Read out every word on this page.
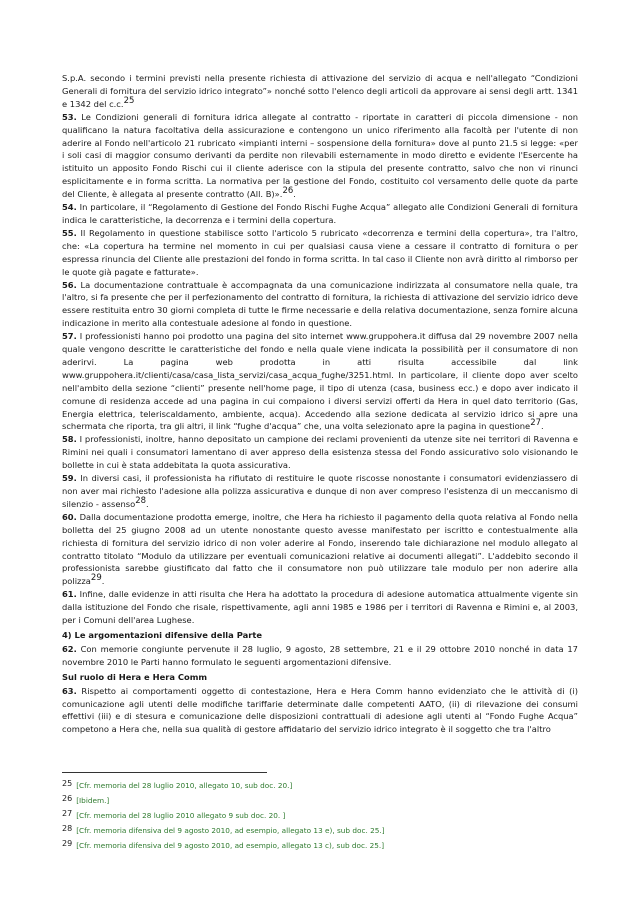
S.p.A. secondo i termini previsti nella presente richiesta di attivazione del servizio di acqua e nell'allegato “Condizioni Generali di fornitura del servizio idrico integrato”» nonché sotto l'elenco degli articoli da approvare ai sensi degli artt. 1341 e 1342 del c.c.$^{25}$

53. Le Condizioni generali di fornitura idrica allegate al contratto - riportate in caratteri di piccola dimensione - non qualificano la natura facoltativa della assicurazione e contengono un unico riferimento alla facoltà per l'utente di non aderire al Fondo nell'articolo 21 rubricato «impianti interni – sospensione della fornitura» dove al punto 21.5 si legge: «per i soli casi di maggior consumo derivanti da perdite non rilevabili esternamente in modo diretto e evidente l'Esercente ha istituito un apposito Fondo Rischi cui il cliente aderisce con la stipula del presente contratto, salvo che non vi rinunci esplicitamente e in forma scritta. La normativa per la gestione del Fondo, costituito col versamento delle quote da parte del Cliente, è allegata al presente contratto (All. B)».$^{26}$.

54. In particolare, il “Regolamento di Gestione del Fondo Rischi Fughe Acqua” allegato alle Condizioni Generali di fornitura indica le caratteristiche, la decorrenza e i termini della copertura.

55. Il Regolamento in questione stabilisce sotto l'articolo 5 rubricato «decorrenza e termini della copertura», tra l'altro, che: «La copertura ha termine nel momento in cui per qualsiasi causa viene a cessare il contratto di fornitura o per espressa rinuncia del Cliente alle prestazioni del fondo in forma scritta. In tal caso il Cliente non avrà diritto al rimborso per le quote già pagate e fatturate».

56. La documentazione contrattuale è accompagnata da una comunicazione indirizzata al consumatore nella quale, tra l'altro, si fa presente che per il perfezionamento del contratto di fornitura, la richiesta di attivazione del servizio idrico deve essere restituita entro 30 giorni completa di tutte le firme necessarie e della relativa documentazione, senza fornire alcuna indicazione in merito alla contestuale adesione al fondo in questione.

57. I professionisti hanno poi prodotto una pagina del sito internet www.gruppohera.it diffusa dal 29 novembre 2007 nella quale vengono descritte le caratteristiche del fondo e nella quale viene indicata la possibilità per il consumatore di non aderirvi. La pagina web prodotta in atti risulta accessibile dal link www.gruppohera.it/clienti/casa/casa_lista_servizi/casa_acqua_fughe/3251.html. In particolare, il cliente dopo aver scelto nell'ambito della sezione “clienti” presente nell'home page, il tipo di utenza (casa, business ecc.) e dopo aver indicato il comune di residenza accede ad una pagina in cui compaiono i diversi servizi offerti da Hera in quel dato territorio (Gas, Energia elettrica, teleriscaldamento, ambiente, acqua). Accedendo alla sezione dedicata al servizio idrico si apre una schermata che riporta, tra gli altri, il link “fughe d'acqua” che, una volta selezionato apre la pagina in questione$^{27}$.

58. I professionisti, inoltre, hanno depositato un campione dei reclami provenienti da utenze site nei territori di Ravenna e Rimini nei quali i consumatori lamentano di aver appreso della esistenza stessa del Fondo assicurativo solo visionando le bollette in cui è stata addebitata la quota assicurativa.

59. In diversi casi, il professionista ha rifiutato di restituire le quote riscosse nonostante i consumatori evidenziassero di non aver mai richiesto l'adesione alla polizza assicurativa e dunque di non aver compreso l'esistenza di un meccanismo di silenzio - assenso$^{28}$.

60. Dalla documentazione prodotta emerge, inoltre, che Hera ha richiesto il pagamento della quota relativa al Fondo nella bolletta del 25 giugno 2008 ad un utente nonostante questo avesse manifestato per iscritto e contestualmente alla richiesta di fornitura del servizio idrico di non voler aderire al Fondo, inserendo tale dichiarazione nel modulo allegato al contratto titolato “Modulo da utilizzare per eventuali comunicazioni relative ai documenti allegati”. L'addebito secondo il professionista sarebbe giustificato dal fatto che il consumatore non può utilizzare tale modulo per non aderire alla polizza$^{29}$.

61. Infine, dalle evidenze in atti risulta che Hera ha adottato la procedura di adesione automatica attualmente vigente sin dalla istituzione del Fondo che risale, rispettivamente, agli anni 1985 e 1986 per i territori di Ravenna e Rimini e, al 2003, per i Comuni dell'area Lughese.

4) Le argomentazioni difensive della Parte

62. Con memorie congiunte pervenute il 28 luglio, 9 agosto, 28 settembre, 21 e il 29 ottobre 2010 nonché in data 17 novembre 2010 le Parti hanno formulato le seguenti argomentazioni difensive.

Sul ruolo di Hera e Hera Comm

63. Rispetto ai comportamenti oggetto di contestazione, Hera e Hera Comm hanno evidenziato che le attività di (i) comunicazione agli utenti delle modifiche tariffarie determinate dalle competenti AATO, (ii) di rilevazione dei consumi effettivi (iii) e di stesura e comunicazione delle disposizioni contrattuali di adesione agli utenti al “Fondo Fughe Acqua” competono a Hera che, nella sua qualità di gestore affidatario del servizio idrico integrato è il soggetto che tra l'altro

25 [Cfr. memoria del 28 luglio 2010, allegato 10, sub doc. 20.]
26 [Ibidem.]
27 [Cfr. memoria del 28 luglio 2010 allegato 9 sub doc. 20. ]
28 [Cfr. memoria difensiva del 9 agosto 2010, ad esempio, allegato 13 e), sub doc. 25.]
29 [Cfr. memoria difensiva del 9 agosto 2010, ad esempio, allegato 13 c), sub doc. 25.]
